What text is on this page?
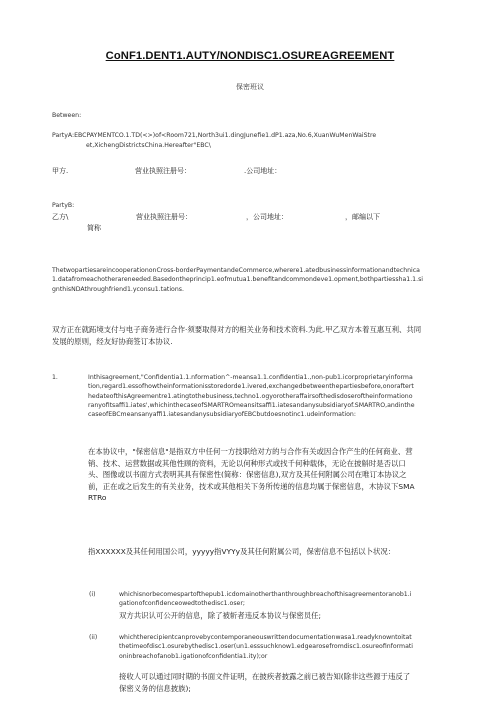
CoNF1.DENT1.AUTY/NONDISC1.OSUREAGREEMENT
保密班议
Between:
PartyA:EBCPAYMENTCO.1.TD(<>)of<Room721,North3ui1.dingJunefie1.dP1.aza,No.6,XuanWuMenWaiStre
et,XichengDistrictsChina.Hereafter"EBC\
甲方.	营业执照注册号：	.公司地址：
PartyB:
乙方\	营业执照注册号：	，公司地址：	，邮编以下
简称
ThetwopartiesareincooperationonCross-borderPaymentandeCommerce,wherere1.atedbusinessinformationandtechnica1.datafromeachotherareneeded.Basedontheprincip1.eofmutua1.benefitandcommondeve1.opment,bothpartiessha1.1.signthisNDAthroughfriend1.yconsu1.tations.
双方正在就跖境支付与电子商务进行合作·须要取得对方的相关业务和技术资料.为此.甲乙双方本着互惠互利、共同发展的原则，经友好协商签订本协议.
1.	Inthisagreement,"Confidentia1.1.nformation^-meansa1.1.confidentia1.,non-pub1.icorproprietaryinformation,regard1.essofhowtheinformationisstoredorde1.ivered,exchangedbetweenthepartiesbefore,onorafterthedateofthisAgreementre1.atingtothebusiness,techno1.ogyorotheraffairsofthedisdoseroftheinformationoranyofitsaffi1.iates',whichinthecaseofSMARTROmeansitsaffi1.iatesandanysubsidiaryof.SMARTRO,andinthecaseofEBCmeansanyaffi1.iatesandanysubsidiaryofEBCbutdoesnotinc1.udeinformation:
在本协议中，"保密信息"是指双方中任何一方技职给对方的与合作有关或因合作产生的任何商业、营销、技术、运营数据或其他性顾的资料，无论以何种形式或找千何种载体，无论在披斛时是否以口头、图像或以书面方式表明其具有保密性(简称：保密信息),双方及其任何附属公司在唯订本协议之前，正在或之后发生的有关业务，技术或其他相关下务所传递的信息均属于保密信息，木协议下SMARTRo
指XXXXXX及其任何用国公司，yyyyy指VYYy及其任何附属公司，保密信息不包括以卜状况：
(i)	whichisnorbecomespartofthepub1.icdomainotherthanthroughbreachofthisagreementoranob1.igationofconfidenceowedtothedisc1.oser;
双方共识认可公开的信息，除了被斩者违反本协议与保密员任;
(ii)	whichtherecipientcanprovebycontemporaneouswrittendocumentationwasa1.readyknowntoitatthetimeofdisc1.osurebythedisc1.oser(un1.esssuchknow1.edgearosefromdisc1.osureofinformationinbreachofanob1.igationofconfidentia1.ity);or
接收人可以通过同时期的书面文件证明，在披疾者披露之前已被告知(除非这些源于违反了保密义务的信息披族);
